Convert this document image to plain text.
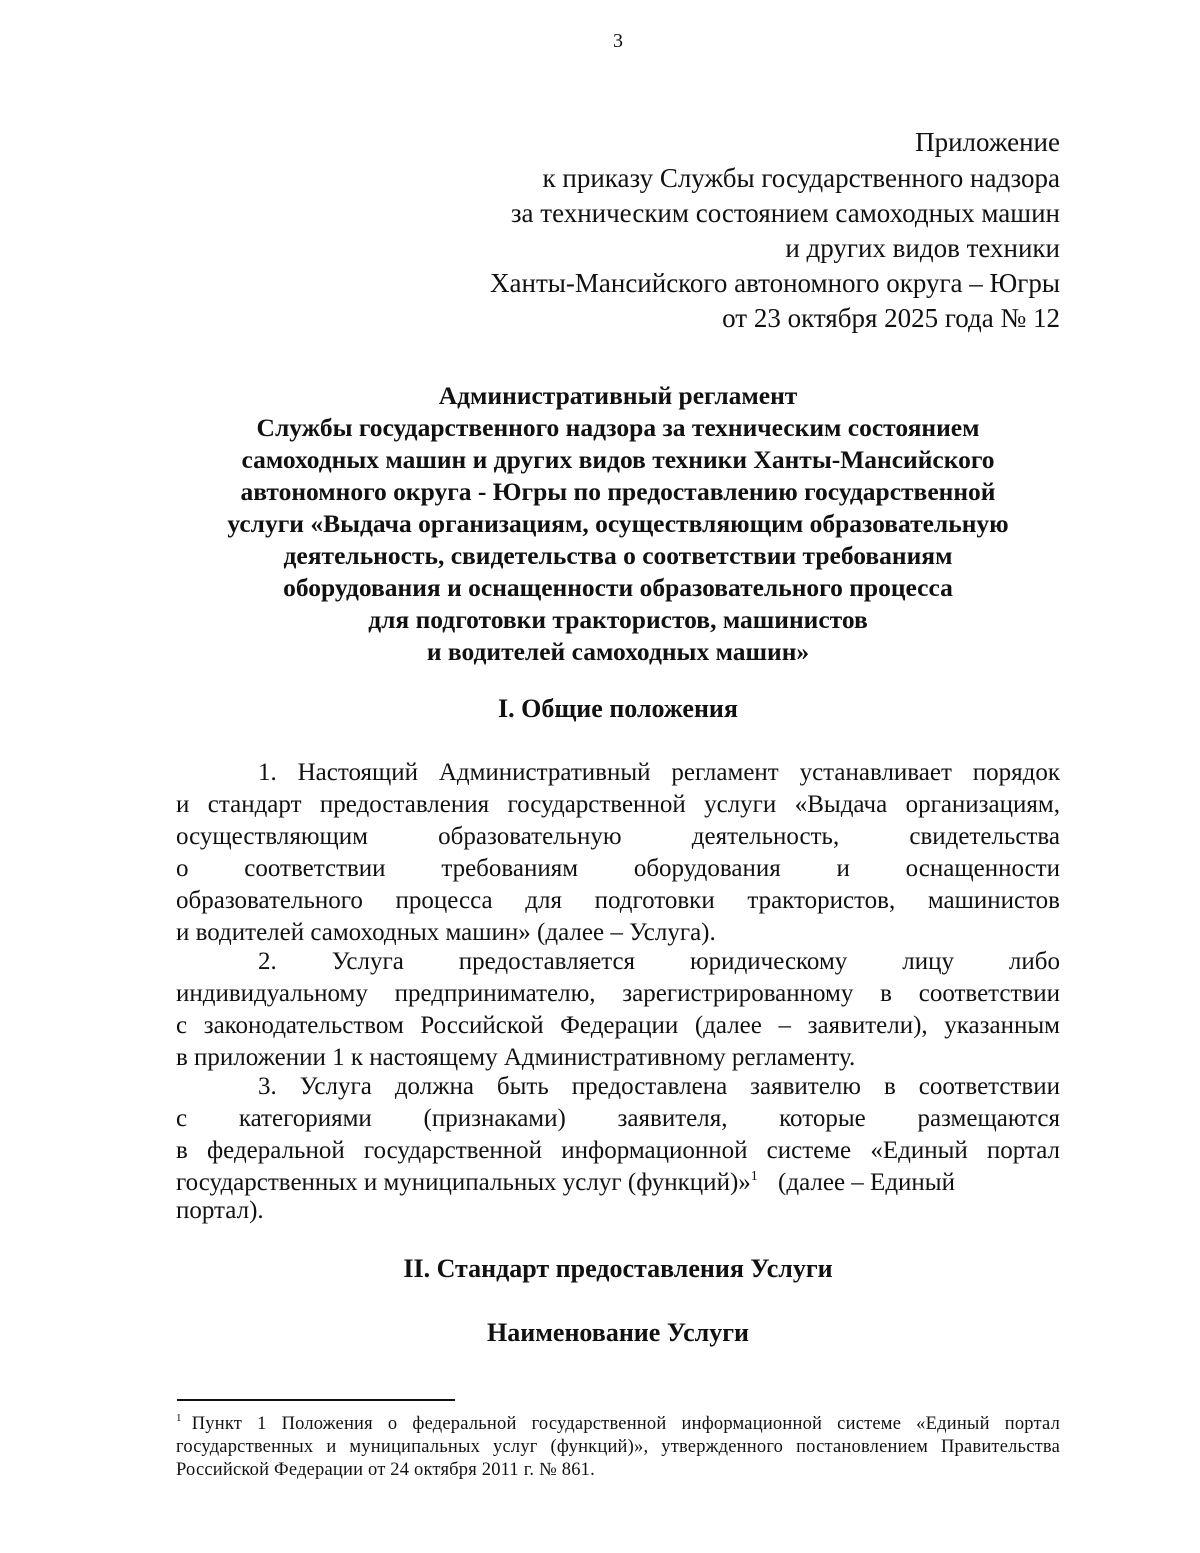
3
Приложение
к приказу Службы государственного надзора
за техническим состоянием самоходных машин
и других видов техники
Ханты-Мансийского автономного округа – Югры
от 23 октября 2025 года № 12
Административный регламент
Службы государственного надзора за техническим состоянием
самоходных машин и других видов техники Ханты-Мансийского
автономного округа - Югры по предоставлению государственной
услуги «Выдача организациям, осуществляющим образовательную
деятельность, свидетельства о соответствии требованиям
оборудования и оснащенности образовательного процесса
для подготовки трактористов, машинистов
и водителей самоходных машин»
I. Общие положения
1. Настоящий Административный регламент устанавливает порядок
и стандарт предоставления государственной услуги «Выдача организациям,
осуществляющим образовательную деятельность, свидетельства
о соответствии требованиям оборудования и оснащенности
образовательного процесса для подготовки трактористов, машинистов
и водителей самоходных машин» (далее – Услуга).
2. Услуга предоставляется юридическому лицу либо
индивидуальному предпринимателю, зарегистрированному в соответствии
с законодательством Российской Федерации (далее – заявители), указанным
в приложении 1 к настоящему Административному регламенту.
3. Услуга должна быть предоставлена заявителю в соответствии
с категориями (признаками) заявителя, которые размещаются
в федеральной государственной информационной системе «Единый портал
государственных и муниципальных услуг (функций)»$^1$ (далее – Единый
портал).
II. Стандарт предоставления Услуги
Наименование Услуги
$^1$ Пункт 1 Положения о федеральной государственной информационной системе «Единый портал
государственных и муниципальных услуг (функций)», утвержденного постановлением Правительства
Российской Федерации от 24 октября 2011 г. № 861.
